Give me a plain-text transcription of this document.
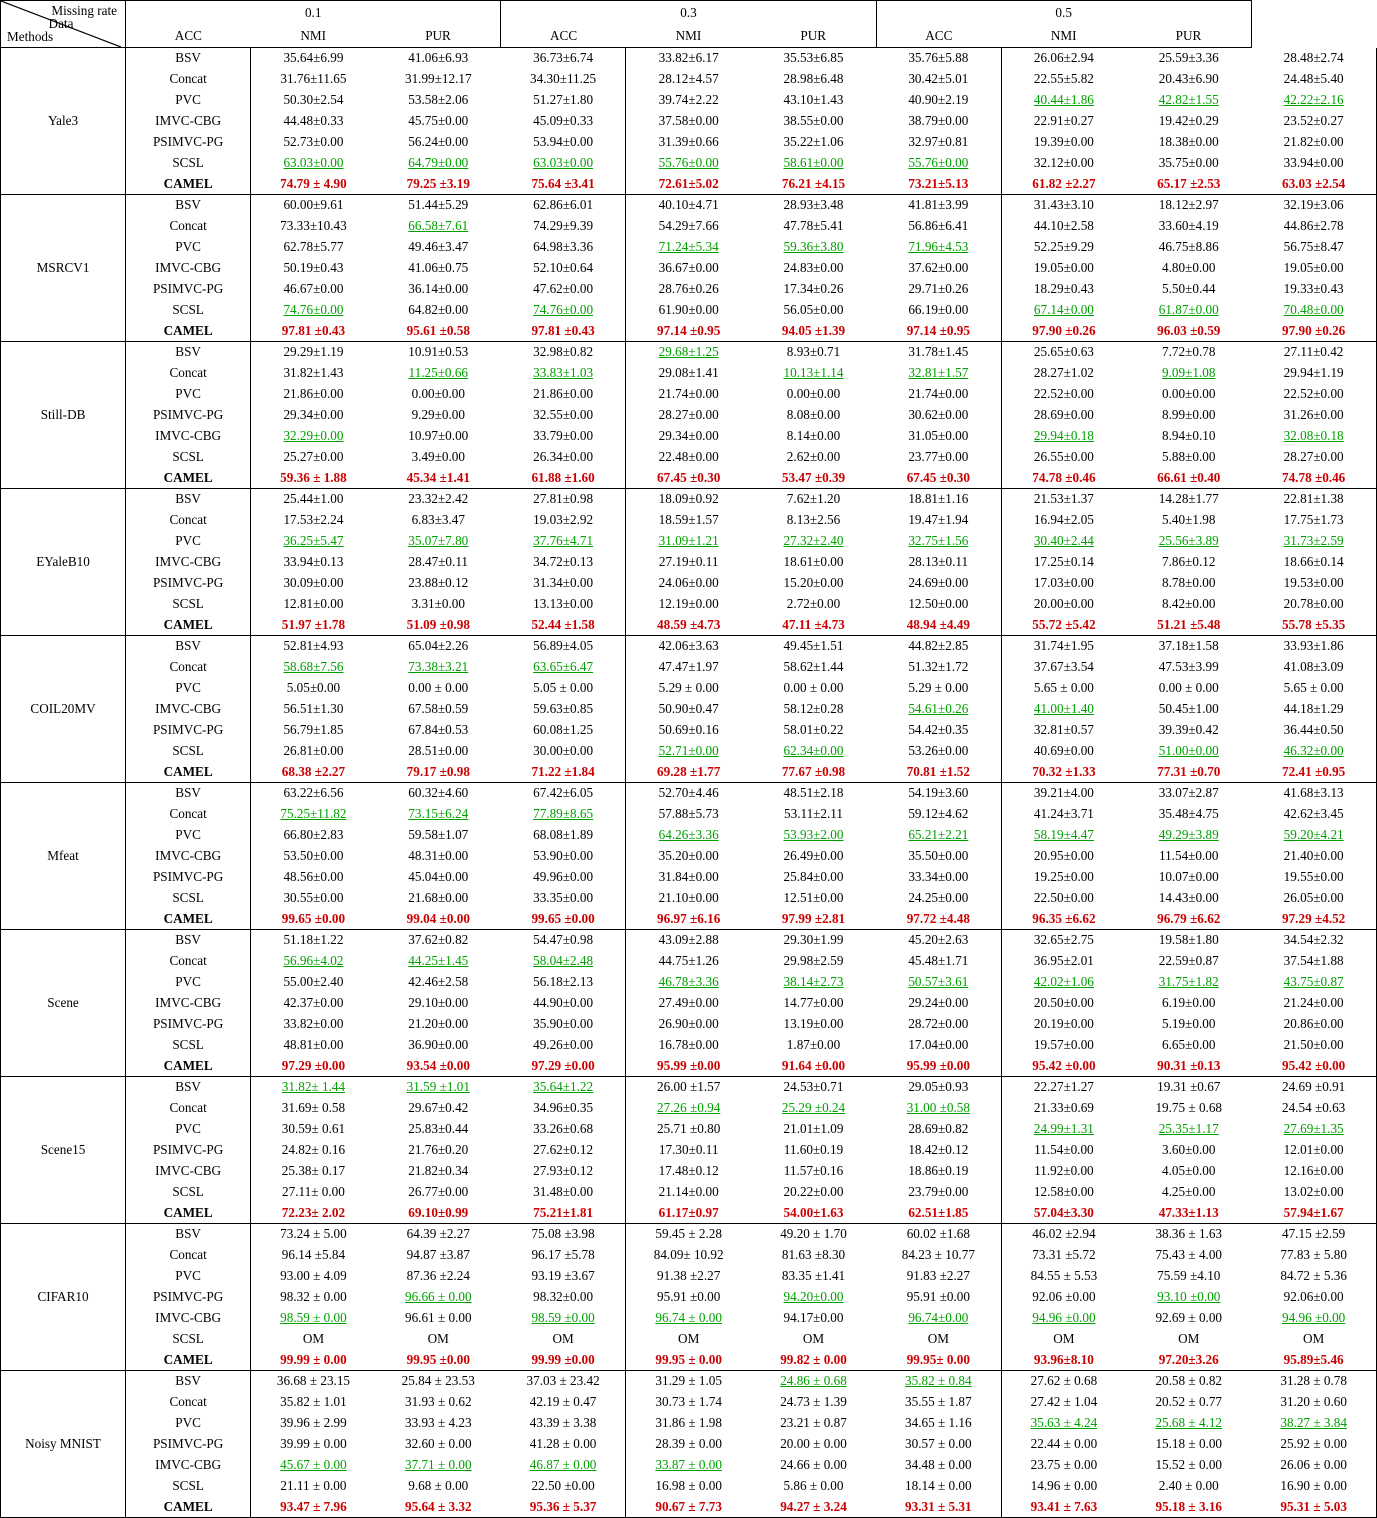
Missing rate
Methods
Data	0.1			0.3			0.5			
	ACC	NMI	PUR	ACC	NMI	PUR	ACC	NMI	PUR	
Yale3	BSV	35.64±6.99	41.06±6.93	36.73±6.74	33.82±6.17	35.53±6.85	35.76±5.88	26.06±2.94	25.59±3.36	28.48±2.74
	Concat	31.76±11.65	31.99±12.17	34.30±11.25	28.12±4.57	28.98±6.48	30.42±5.01	22.55±5.82	20.43±6.90	24.48±5.40
	PVC	50.30±2.54	53.58±2.06	51.27±1.80	39.74±2.22	43.10±1.43	40.90±2.19	40.44±1.86	42.82±1.55	42.22±2.16
	IMVC-CBG	44.48±0.33	45.75±0.00	45.09±0.33	37.58±0.00	38.55±0.00	38.79±0.00	22.91±0.27	19.42±0.29	23.52±0.27
	PSIMVC-PG	52.73±0.00	56.24±0.00	53.94±0.00	31.39±0.66	35.22±1.06	32.97±0.81	19.39±0.00	18.38±0.00	21.82±0.00
	SCSL	63.03±0.00	64.79±0.00	63.03±0.00	55.76±0.00	58.61±0.00	55.76±0.00	32.12±0.00	35.75±0.00	33.94±0.00
	CAMEL	74.79 ± 4.90	79.25 ±3.19	75.64 ±3.41	72.61±5.02	76.21 ±4.15	73.21±5.13	61.82 ±2.27	65.17 ±2.53	63.03 ±2.54
MSRCV1	BSV	60.00±9.61	51.44±5.29	62.86±6.01	40.10±4.71	28.93±3.48	41.81±3.99	31.43±3.10	18.12±2.97	32.19±3.06
	Concat	73.33±10.43	66.58±7.61	74.29±9.39	54.29±7.66	47.78±5.41	56.86±6.41	44.10±2.58	33.60±4.19	44.86±2.78
	PVC	62.78±5.77	49.46±3.47	64.98±3.36	71.24±5.34	59.36±3.80	71.96±4.53	52.25±9.29	46.75±8.86	56.75±8.47
	IMVC-CBG	50.19±0.43	41.06±0.75	52.10±0.64	36.67±0.00	24.83±0.00	37.62±0.00	19.05±0.00	4.80±0.00	19.05±0.00
	PSIMVC-PG	46.67±0.00	36.14±0.00	47.62±0.00	28.76±0.26	17.34±0.26	29.71±0.26	18.29±0.43	5.50±0.44	19.33±0.43
	SCSL	74.76±0.00	64.82±0.00	74.76±0.00	61.90±0.00	56.05±0.00	66.19±0.00	67.14±0.00	61.87±0.00	70.48±0.00
	CAMEL	97.81 ±0.43	95.61 ±0.58	97.81 ±0.43	97.14 ±0.95	94.05 ±1.39	97.14 ±0.95	97.90 ±0.26	96.03 ±0.59	97.90 ±0.26
Still-DB	BSV	29.29±1.19	10.91±0.53	32.98±0.82	29.68±1.25	8.93±0.71	31.78±1.45	25.65±0.63	7.72±0.78	27.11±0.42
	Concat	31.82±1.43	11.25±0.66	33.83±1.03	29.08±1.41	10.13±1.14	32.81±1.57	28.27±1.02	9.09±1.08	29.94±1.19
	PVC	21.86±0.00	0.00±0.00	21.86±0.00	21.74±0.00	0.00±0.00	21.74±0.00	22.52±0.00	0.00±0.00	22.52±0.00
	PSIMVC-PG	29.34±0.00	9.29±0.00	32.55±0.00	28.27±0.00	8.08±0.00	30.62±0.00	28.69±0.00	8.99±0.00	31.26±0.00
	IMVC-CBG	32.29±0.00	10.97±0.00	33.79±0.00	29.34±0.00	8.14±0.00	31.05±0.00	29.94±0.18	8.94±0.10	32.08±0.18
	SCSL	25.27±0.00	3.49±0.00	26.34±0.00	22.48±0.00	2.62±0.00	23.77±0.00	26.55±0.00	5.88±0.00	28.27±0.00
	CAMEL	59.36 ± 1.88	45.34 ±1.41	61.88 ±1.60	67.45 ±0.30	53.47 ±0.39	67.45 ±0.30	74.78 ±0.46	66.61 ±0.40	74.78 ±0.46
EYaleB10	BSV	25.44±1.00	23.32±2.42	27.81±0.98	18.09±0.92	7.62±1.20	18.81±1.16	21.53±1.37	14.28±1.77	22.81±1.38
	Concat	17.53±2.24	6.83±3.47	19.03±2.92	18.59±1.57	8.13±2.56	19.47±1.94	16.94±2.05	5.40±1.98	17.75±1.73
	PVC	36.25±5.47	35.07±7.80	37.76±4.71	31.09±1.21	27.32±2.40	32.75±1.56	30.40±2.44	25.56±3.89	31.73±2.59
	IMVC-CBG	33.94±0.13	28.47±0.11	34.72±0.13	27.19±0.11	18.61±0.00	28.13±0.11	17.25±0.14	7.86±0.12	18.66±0.14
	PSIMVC-PG	30.09±0.00	23.88±0.12	31.34±0.00	24.06±0.00	15.20±0.00	24.69±0.00	17.03±0.00	8.78±0.00	19.53±0.00
	SCSL	12.81±0.00	3.31±0.00	13.13±0.00	12.19±0.00	2.72±0.00	12.50±0.00	20.00±0.00	8.42±0.00	20.78±0.00
	CAMEL	51.97 ±1.78	51.09 ±0.98	52.44 ±1.58	48.59 ±4.73	47.11 ±4.73	48.94 ±4.49	55.72 ±5.42	51.21 ±5.48	55.78 ±5.35
COIL20MV	BSV	52.81±4.93	65.04±2.26	56.89±4.05	42.06±3.63	49.45±1.51	44.82±2.85	31.74±1.95	37.18±1.58	33.93±1.86
	Concat	58.68±7.56	73.38±3.21	63.65±6.47	47.47±1.97	58.62±1.44	51.32±1.72	37.67±3.54	47.53±3.99	41.08±3.09
	PVC	5.05±0.00	0.00 ± 0.00	5.05 ± 0.00	5.29 ± 0.00	0.00 ± 0.00	5.29 ± 0.00	5.65 ± 0.00	0.00 ± 0.00	5.65 ± 0.00
	IMVC-CBG	56.51±1.30	67.58±0.59	59.63±0.85	50.90±0.47	58.12±0.28	54.61±0.26	41.00±1.40	50.45±1.00	44.18±1.29
	PSIMVC-PG	56.79±1.85	67.84±0.53	60.08±1.25	50.69±0.16	58.01±0.22	54.42±0.35	32.81±0.57	39.39±0.42	36.44±0.50
	SCSL	26.81±0.00	28.51±0.00	30.00±0.00	52.71±0.00	62.34±0.00	53.26±0.00	40.69±0.00	51.00±0.00	46.32±0.00
	CAMEL	68.38 ±2.27	79.17 ±0.98	71.22 ±1.84	69.28 ±1.77	77.67 ±0.98	70.81 ±1.52	70.32 ±1.33	77.31 ±0.70	72.41 ±0.95
Mfeat	BSV	63.22±6.56	60.32±4.60	67.42±6.05	52.70±4.46	48.51±2.18	54.19±3.60	39.21±4.00	33.07±2.87	41.68±3.13
	Concat	75.25±11.82	73.15±6.24	77.89±8.65	57.88±5.73	53.11±2.11	59.12±4.62	41.24±3.71	35.48±4.75	42.62±3.45
	PVC	66.80±2.83	59.58±1.07	68.08±1.89	64.26±3.36	53.93±2.00	65.21±2.21	58.19±4.47	49.29±3.89	59.20±4.21
	IMVC-CBG	53.50±0.00	48.31±0.00	53.90±0.00	35.20±0.00	26.49±0.00	35.50±0.00	20.95±0.00	11.54±0.00	21.40±0.00
	PSIMVC-PG	48.56±0.00	45.04±0.00	49.96±0.00	31.84±0.00	25.84±0.00	33.34±0.00	19.25±0.00	10.07±0.00	19.55±0.00
	SCSL	30.55±0.00	21.68±0.00	33.35±0.00	21.10±0.00	12.51±0.00	24.25±0.00	22.50±0.00	14.43±0.00	26.05±0.00
	CAMEL	99.65 ±0.00	99.04 ±0.00	99.65 ±0.00	96.97 ±6.16	97.99 ±2.81	97.72 ±4.48	96.35 ±6.62	96.79 ±6.62	97.29 ±4.52
Scene	BSV	51.18±1.22	37.62±0.82	54.47±0.98	43.09±2.88	29.30±1.99	45.20±2.63	32.65±2.75	19.58±1.80	34.54±2.32
	Concat	56.96±4.02	44.25±1.45	58.04±2.48	44.75±1.26	29.98±2.59	45.48±1.71	36.95±2.01	22.59±0.87	37.54±1.88
	PVC	55.00±2.40	42.46±2.58	56.18±2.13	46.78±3.36	38.14±2.73	50.57±3.61	42.02±1.06	31.75±1.82	43.75±0.87
	IMVC-CBG	42.37±0.00	29.10±0.00	44.90±0.00	27.49±0.00	14.77±0.00	29.24±0.00	20.50±0.00	6.19±0.00	21.24±0.00
	PSIMVC-PG	33.82±0.00	21.20±0.00	35.90±0.00	26.90±0.00	13.19±0.00	28.72±0.00	20.19±0.00	5.19±0.00	20.86±0.00
	SCSL	48.81±0.00	36.90±0.00	49.26±0.00	16.78±0.00	1.87±0.00	17.04±0.00	19.57±0.00	6.65±0.00	21.50±0.00
	CAMEL	97.29 ±0.00	93.54 ±0.00	97.29 ±0.00	95.99 ±0.00	91.64 ±0.00	95.99 ±0.00	95.42 ±0.00	90.31 ±0.13	95.42 ±0.00
Scene15	BSV	31.82± 1.44	31.59 ±1.01	35.64±1.22	26.00 ±1.57	24.53±0.71	29.05±0.93	22.27±1.27	19.31 ±0.67	24.69 ±0.91
	Concat	31.69± 0.58	29.67±0.42	34.96±0.35	27.26 ±0.94	25.29 ±0.24	31.00 ±0.58	21.33±0.69	19.75 ± 0.68	24.54 ±0.63
	PVC	30.59± 0.61	25.83±0.44	33.26±0.68	25.71 ±0.80	21.01±1.09	28.69±0.82	24.99±1.31	25.35±1.17	27.69±1.35
	PSIMVC-PG	24.82± 0.16	21.76±0.20	27.62±0.12	17.30±0.11	11.60±0.19	18.42±0.12	11.54±0.00	3.60±0.00	12.01±0.00
	IMVC-CBG	25.38± 0.17	21.82±0.34	27.93±0.12	17.48±0.12	11.57±0.16	18.86±0.19	11.92±0.00	4.05±0.00	12.16±0.00
	SCSL	27.11± 0.00	26.77±0.00	31.48±0.00	21.14±0.00	20.22±0.00	23.79±0.00	12.58±0.00	4.25±0.00	13.02±0.00
	CAMEL	72.23± 2.02	69.10±0.99	75.21±1.81	61.17±0.97	54.00±1.63	62.51±1.85	57.04±3.30	47.33±1.13	57.94±1.67
CIFAR10	BSV	73.24 ± 5.00	64.39 ±2.27	75.08 ±3.98	59.45 ± 2.28	49.20 ± 1.70	60.02 ±1.68	46.02 ±2.94	38.36 ± 1.63	47.15 ±2.59
	Concat	96.14 ±5.84	94.87 ±3.87	96.17 ±5.78	84.09± 10.92	81.63 ±8.30	84.23 ± 10.77	73.31 ±5.72	75.43 ± 4.00	77.83 ± 5.80
	PVC	93.00 ± 4.09	87.36 ±2.24	93.19 ±3.67	91.38 ±2.27	83.35 ±1.41	91.83 ±2.27	84.55 ± 5.53	75.59 ±4.10	84.72 ± 5.36
	PSIMVC-PG	98.32 ± 0.00	96.66 ± 0.00	98.32±0.00	95.91 ±0.00	94.20±0.00	95.91 ±0.00	92.06 ±0.00	93.10 ±0.00	92.06±0.00
	IMVC-CBG	98.59 ± 0.00	96.61 ± 0.00	98.59 ±0.00	96.74 ± 0.00	94.17±0.00	96.74±0.00	94.96 ±0.00	92.69 ± 0.00	94.96 ±0.00
	SCSL	OM	OM	OM	OM	OM	OM	OM	OM	OM
	CAMEL	99.99 ± 0.00	99.95 ±0.00	99.99 ±0.00	99.95 ± 0.00	99.82 ± 0.00	99.95± 0.00	93.96±8.10	97.20±3.26	95.89±5.46
Noisy MNIST	BSV	36.68 ± 23.15	25.84 ± 23.53	37.03 ± 23.42	31.29 ± 1.05	24.86 ± 0.68	35.82 ± 0.84	27.62 ± 0.68	20.58 ± 0.82	31.28 ± 0.78
	Concat	35.82 ± 1.01	31.93 ± 0.62	42.19 ± 0.47	30.73 ± 1.74	24.73 ± 1.39	35.55 ± 1.87	27.42 ± 1.04	20.52 ± 0.77	31.20 ± 0.60
	PVC	39.96 ± 2.99	33.93 ± 4.23	43.39 ± 3.38	31.86 ± 1.98	23.21 ± 0.87	34.65 ± 1.16	35.63 ± 4.24	25.68 ± 4.12	38.27 ± 3.84
	PSIMVC-PG	39.99 ± 0.00	32.60 ± 0.00	41.28 ± 0.00	28.39 ± 0.00	20.00 ± 0.00	30.57 ± 0.00	22.44 ± 0.00	15.18 ± 0.00	25.92 ± 0.00
	IMVC-CBG	45.67 ± 0.00	37.71 ± 0.00	46.87 ± 0.00	33.87 ± 0.00	24.66 ± 0.00	34.48 ± 0.00	23.75 ± 0.00	15.52 ± 0.00	26.06 ± 0.00
	SCSL	21.11 ± 0.00	9.68 ± 0.00	22.50 ±0.00	16.98 ± 0.00	5.86 ± 0.00	18.14 ± 0.00	14.96 ± 0.00	2.40 ± 0.00	16.90 ± 0.00
	CAMEL	93.47 ± 7.96	95.64 ± 3.32	95.36 ± 5.37	90.67 ± 7.73	94.27 ± 3.24	93.31 ± 5.31	93.41 ± 7.63	95.18 ± 3.16	95.31 ± 5.03
